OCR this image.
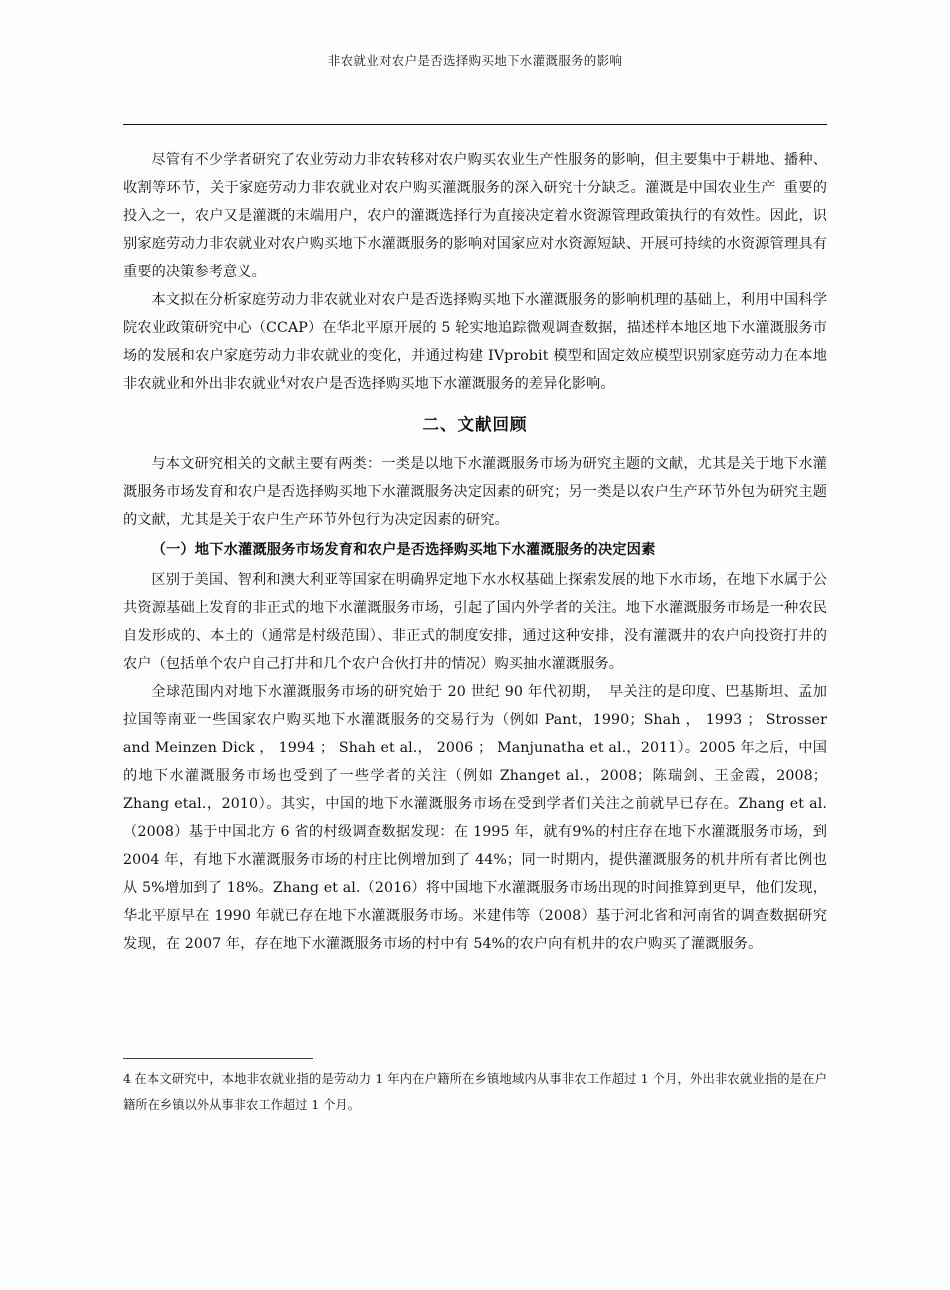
非农就业对农户是否选择购买地下水灌溉服务的影响

尽管有不少学者研究了农业劳动力非农转移对农户购买农业生产性服务的影响，但主要集中于耕地、播种、收割等环节，关于家庭劳动力非农就业对农户购买灌溉服务的深入研究十分缺乏。灌溉是中国农业生产 重要的投入之一，农户又是灌溉的末端用户，农户的灌溉选择行为直接决定着水资源管理政策执行的有效性。因此，识别家庭劳动力非农就业对农户购买地下水灌溉服务的影响对国家应对水资源短缺、开展可持续的水资源管理具有重要的决策参考意义。

本文拟在分析家庭劳动力非农就业对农户是否选择购买地下水灌溉服务的影响机理的基础上，利用中国科学院农业政策研究中心（CCAP）在华北平原开展的 5 轮实地追踪微观调查数据，描述样本地区地下水灌溉服务市场的发展和农户家庭劳动力非农就业的变化，并通过构建 IVprobit 模型和固定效应模型识别家庭劳动力在本地非农就业和外出非农就业$^4$对农户是否选择购买地下水灌溉服务的差异化影响。

二、文献回顾

与本文研究相关的文献主要有两类：一类是以地下水灌溉服务市场为研究主题的文献，尤其是关于地下水灌溉服务市场发育和农户是否选择购买地下水灌溉服务决定因素的研究；另一类是以农户生产环节外包为研究主题的文献，尤其是关于农户生产环节外包行为决定因素的研究。

（一）地下水灌溉服务市场发育和农户是否选择购买地下水灌溉服务的决定因素

区别于美国、智利和澳大利亚等国家在明确界定地下水水权基础上探索发展的地下水市场，在地下水属于公共资源基础上发育的非正式的地下水灌溉服务市场，引起了国内外学者的关注。地下水灌溉服务市场是一种农民自发形成的、本土的（通常是村级范围）、非正式的制度安排，通过这种安排，没有灌溉井的农户向投资打井的农户（包括单个农户自己打井和几个农户合伙打井的情况）购买抽水灌溉服务。

全球范围内对地下水灌溉服务市场的研究始于 20 世纪 90 年代初期， 早关注的是印度、巴基斯坦、孟加拉国等南亚一些国家农户购买地下水灌溉服务的交易行为（例如 Pant，1990；Shah ， 1993 ； Strosser and Meinzen Dick ， 1994 ； Shah et al.， 2006 ； Manjunatha et al.，2011）。2005 年之后，中国的地下水灌溉服务市场也受到了一些学者的关注（例如 Zhanget al.，2008；陈瑞剑、王金霞，2008；Zhang etal.，2010）。其实，中国的地下水灌溉服务市场在受到学者们关注之前就早已存在。Zhang et al.（2008）基于中国北方 6 省的村级调查数据发现：在 1995 年，就有9%的村庄存在地下水灌溉服务市场，到 2004 年，有地下水灌溉服务市场的村庄比例增加到了 44%；同一时期内，提供灌溉服务的机井所有者比例也从 5%增加到了 18%。Zhang et al.（2016）将中国地下水灌溉服务市场出现的时间推算到更早，他们发现，华北平原早在 1990 年就已存在地下水灌溉服务市场。米建伟等（2008）基于河北省和河南省的调查数据研究发现，在 2007 年，存在地下水灌溉服务市场的村中有 54%的农户向有机井的农户购买了灌溉服务。

4 在本文研究中，本地非农就业指的是劳动力 1 年内在户籍所在乡镇地域内从事非农工作超过 1 个月，外出非农就业指的是在户籍所在乡镇以外从事非农工作超过 1 个月。
